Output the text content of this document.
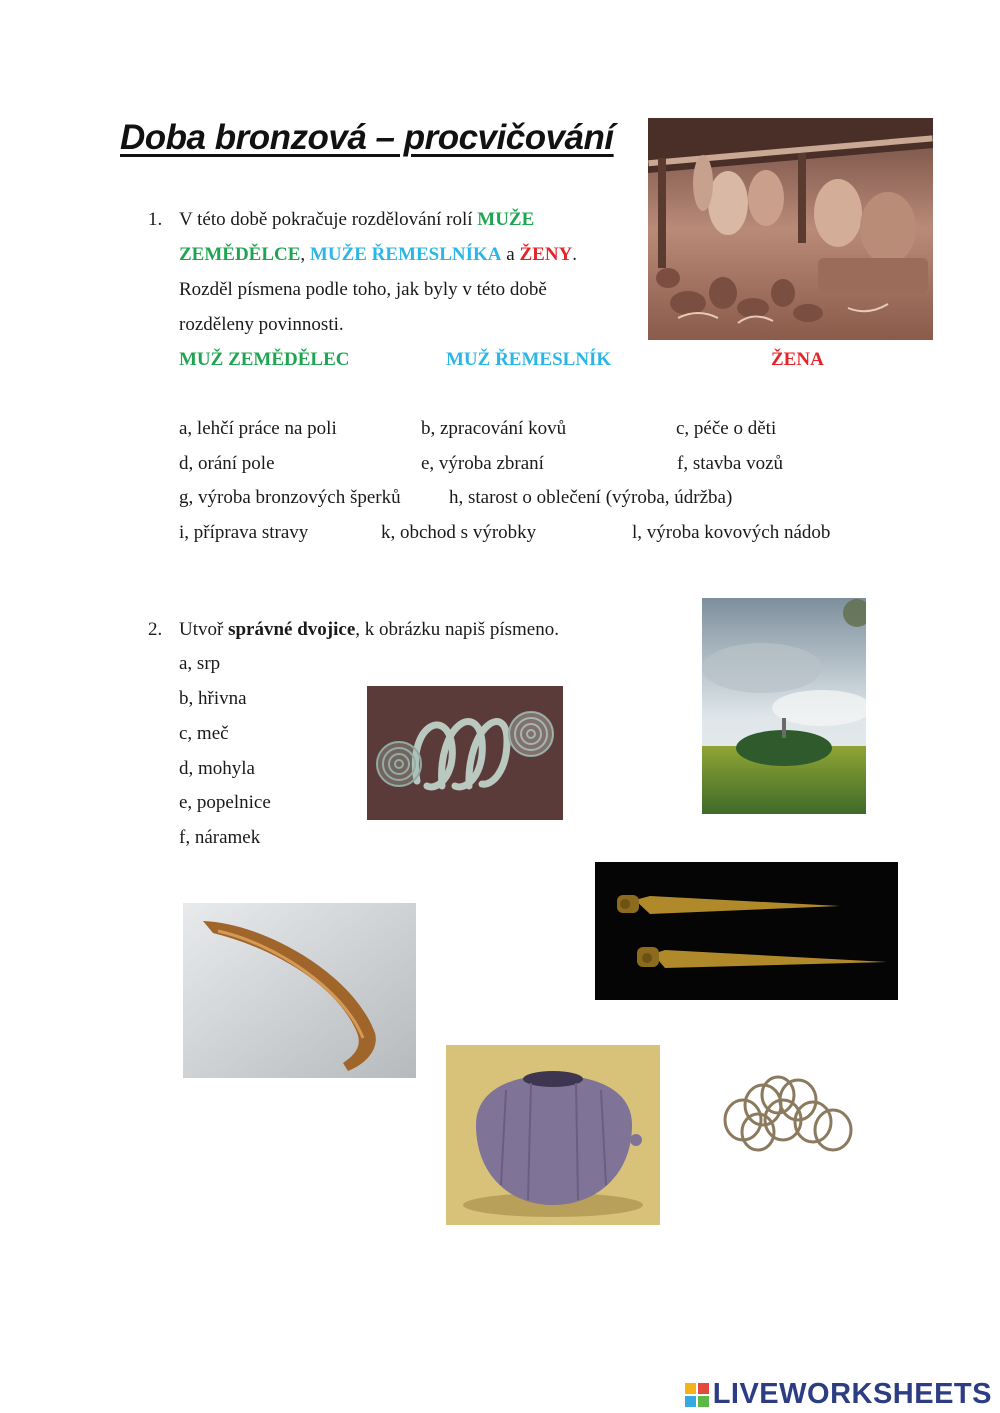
Doba bronzová – procvičování
1. V této době pokračuje rozdělování rolí MUŽE
ZEMĚDĚLCE, MUŽE ŘEMESLNÍKA a ŽENY.
Rozděl písmena podle toho, jak byly v této době
rozděleny povinnosti.
MUŽ ZEMĚDĚLEC	MUŽ ŘEMESLNÍK	ŽENA
a, lehčí práce na poli	b, zpracování kovů	c, péče o děti
d, orání pole	e, výroba zbraní	f, stavba vozů
g, výroba bronzových šperků	h, starost o oblečení (výroba, údržba)
i, příprava stravy	k, obchod s výrobky	l, výroba kovových nádob
2. Utvoř správné dvojice, k obrázku napiš písmeno.
a, srp
b, hřivna
c, meč
d, mohyla
e, popelnice
f, náramek
LIVEWORKSHEETS
